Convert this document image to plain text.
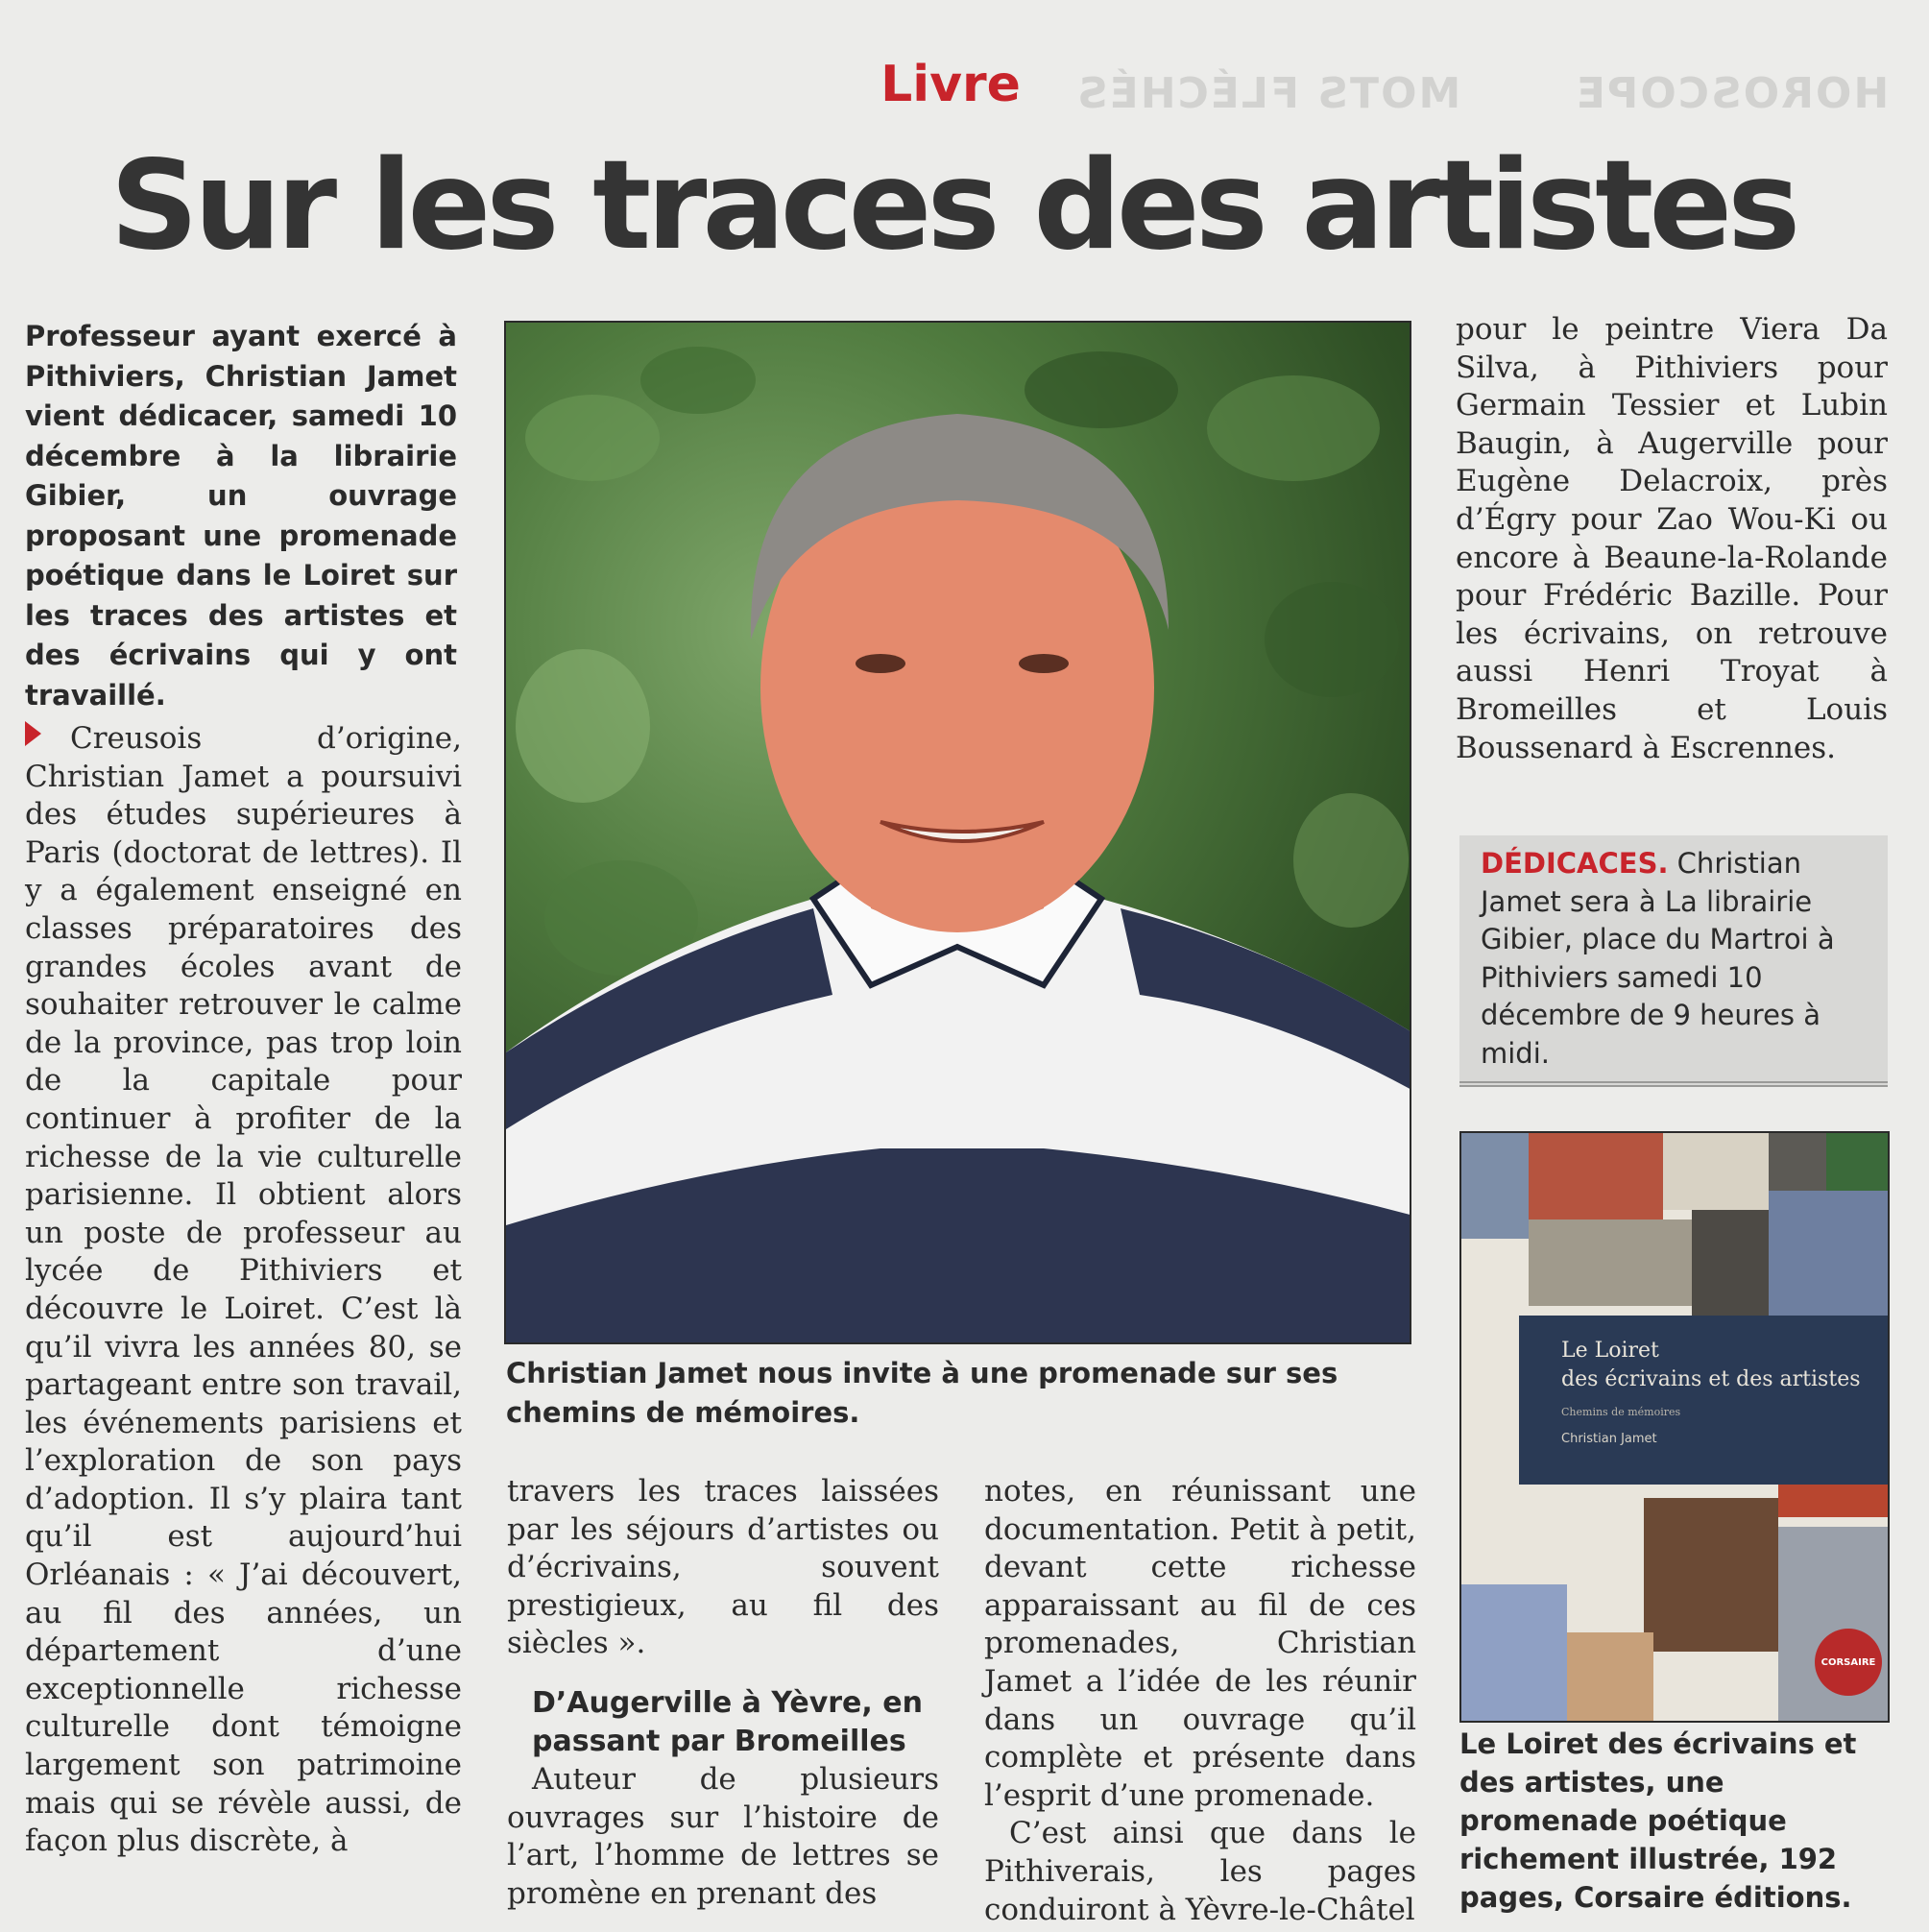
MOTS FLÉCHÉS	HOROSCOPE
Livre
Sur les traces des artistes

Professeur ayant exercé à Pithiviers, Christian Jamet vient dédicacer, samedi 10 décembre à la librairie Gibier, un ouvrage proposant une promenade poétique dans le Loiret sur les traces des artistes et des écrivains qui y ont travaillé.

Creusois d’origine, Christian Jamet a poursuivi des études supérieures à Paris (doctorat de lettres). Il y a également enseigné en classes préparatoires des grandes écoles avant de souhaiter retrouver le calme de la province, pas trop loin de la capitale pour continuer à profiter de la richesse de la vie culturelle parisienne. Il obtient alors un poste de professeur au lycée de Pithiviers et découvre le Loiret. C’est là qu’il vivra les années 80, se partageant entre son travail, les événements parisiens et l’exploration de son pays d’adoption. Il s’y plaira tant qu’il est aujourd’hui Orléanais : « J’ai découvert, au fil des années, un département d’une exceptionnelle richesse culturelle dont témoigne largement son patrimoine mais qui se révèle aussi, de façon plus discrète, à

Christian Jamet nous invite à une promenade sur ses chemins de mémoires.

travers les traces laissées par les séjours d’artistes ou d’écrivains, souvent prestigieux, au fil des siècles ».

D’Augerville à Yèvre, en passant par Bromeilles

Auteur de plusieurs ouvrages sur l’histoire de l’art, l’homme de lettres se promène en prenant des

notes, en réunissant une documentation. Petit à petit, devant cette richesse apparaissant au fil de ces promenades, Christian Jamet a l’idée de les réunir dans un ouvrage qu’il complète et présente dans l’esprit d’une promenade.

C’est ainsi que dans le Pithiverais, les pages conduiront à Yèvre-le-Châtel

pour le peintre Viera Da Silva, à Pithiviers pour Germain Tessier et Lubin Baugin, à Augerville pour Eugène Delacroix, près d’Égry pour Zao Wou-Ki ou encore à Beaune-la-Rolande pour Frédéric Bazille. Pour les écrivains, on retrouve aussi Henri Troyat à Bromeilles et Louis Boussenard à Escrennes.

DÉDICACES. Christian Jamet sera à La librairie Gibier, place du Martroi à Pithiviers samedi 10 décembre de 9 heures à midi.

Le Loiret

des écrivains et des artistes

Chemins de mémoires

Christian Jamet

CORSAIRE

Le Loiret des écrivains et des artistes, une promenade poétique richement illustrée, 192 pages, Corsaire éditions.
